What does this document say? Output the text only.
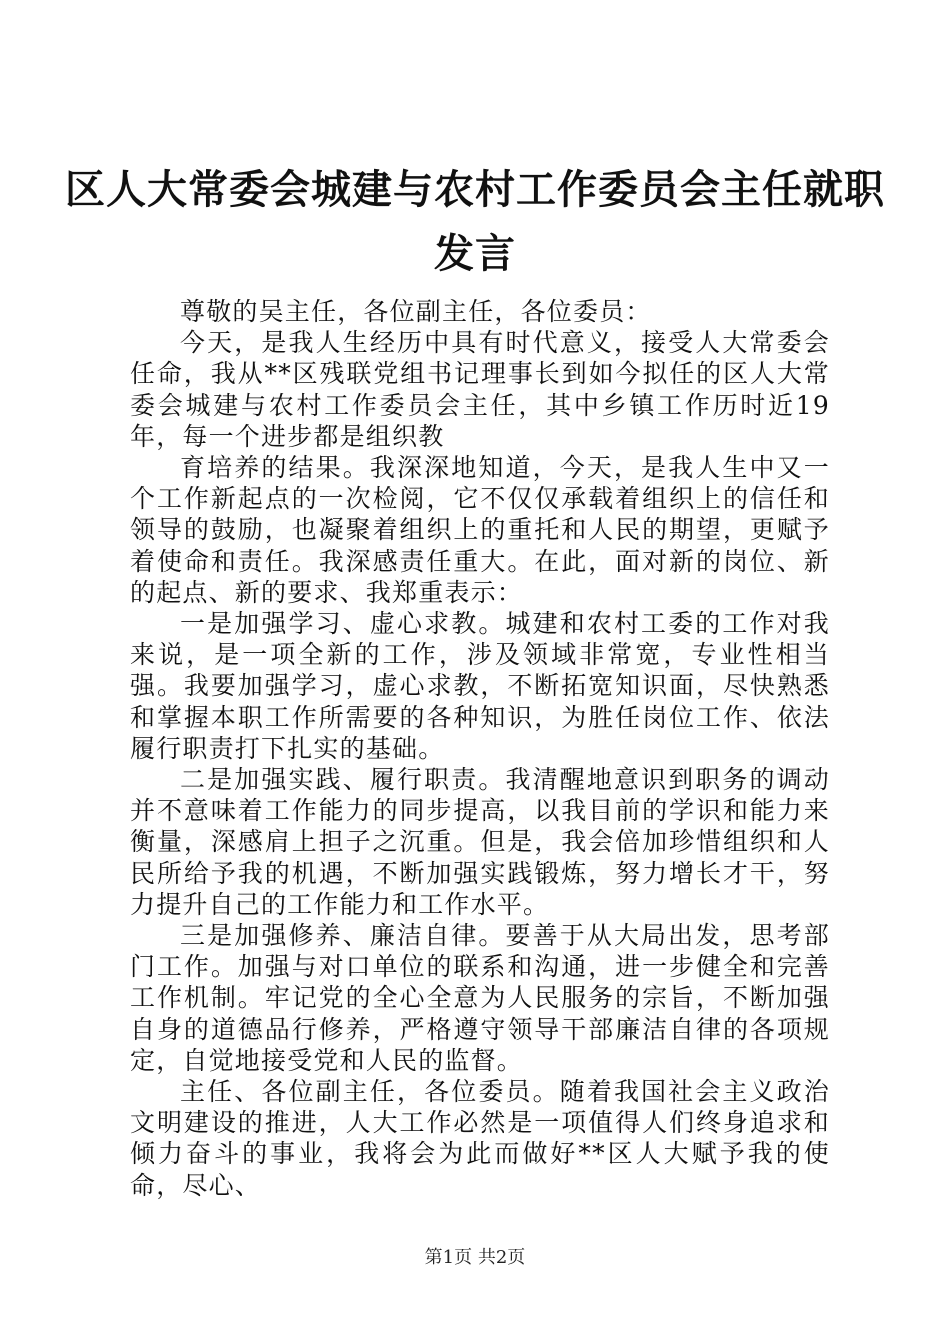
区人大常委会城建与农村工作委员会主任就职
发言

尊敬的吴主任，各位副主任，各位委员：

今天，是我人生经历中具有时代意义，接受人大常委会任命，我从**区残联党组书记理事长到如今拟任的区人大常委会城建与农村工作委员会主任，其中乡镇工作历时近19年，每一个进步都是组织教

育培养的结果。我深深地知道，今天，是我人生中又一个工作新起点的一次检阅，它不仅仅承载着组织上的信任和领导的鼓励，也凝聚着组织上的重托和人民的期望，更赋予着使命和责任。我深感责任重大。在此，面对新的岗位、新的起点、新的要求、我郑重表示：

一是加强学习、虚心求教。城建和农村工委的工作对我来说，是一项全新的工作，涉及领域非常宽，专业性相当强。我要加强学习，虚心求教，不断拓宽知识面，尽快熟悉和掌握本职工作所需要的各种知识，为胜任岗位工作、依法履行职责打下扎实的基础。

二是加强实践、履行职责。我清醒地意识到职务的调动并不意味着工作能力的同步提高，以我目前的学识和能力来衡量，深感肩上担子之沉重。但是，我会倍加珍惜组织和人民所给予我的机遇，不断加强实践锻炼，努力增长才干，努力提升自己的工作能力和工作水平。

三是加强修养、廉洁自律。要善于从大局出发，思考部门工作。加强与对口单位的联系和沟通，进一步健全和完善工作机制。牢记党的全心全意为人民服务的宗旨，不断加强自身的道德品行修养，严格遵守领导干部廉洁自律的各项规定，自觉地接受党和人民的监督。

主任、各位副主任，各位委员。随着我国社会主义政治文明建设的推进，人大工作必然是一项值得人们终身追求和倾力奋斗的事业，我将会为此而做好**区人大赋予我的使命，尽心、

第1页 共2页
